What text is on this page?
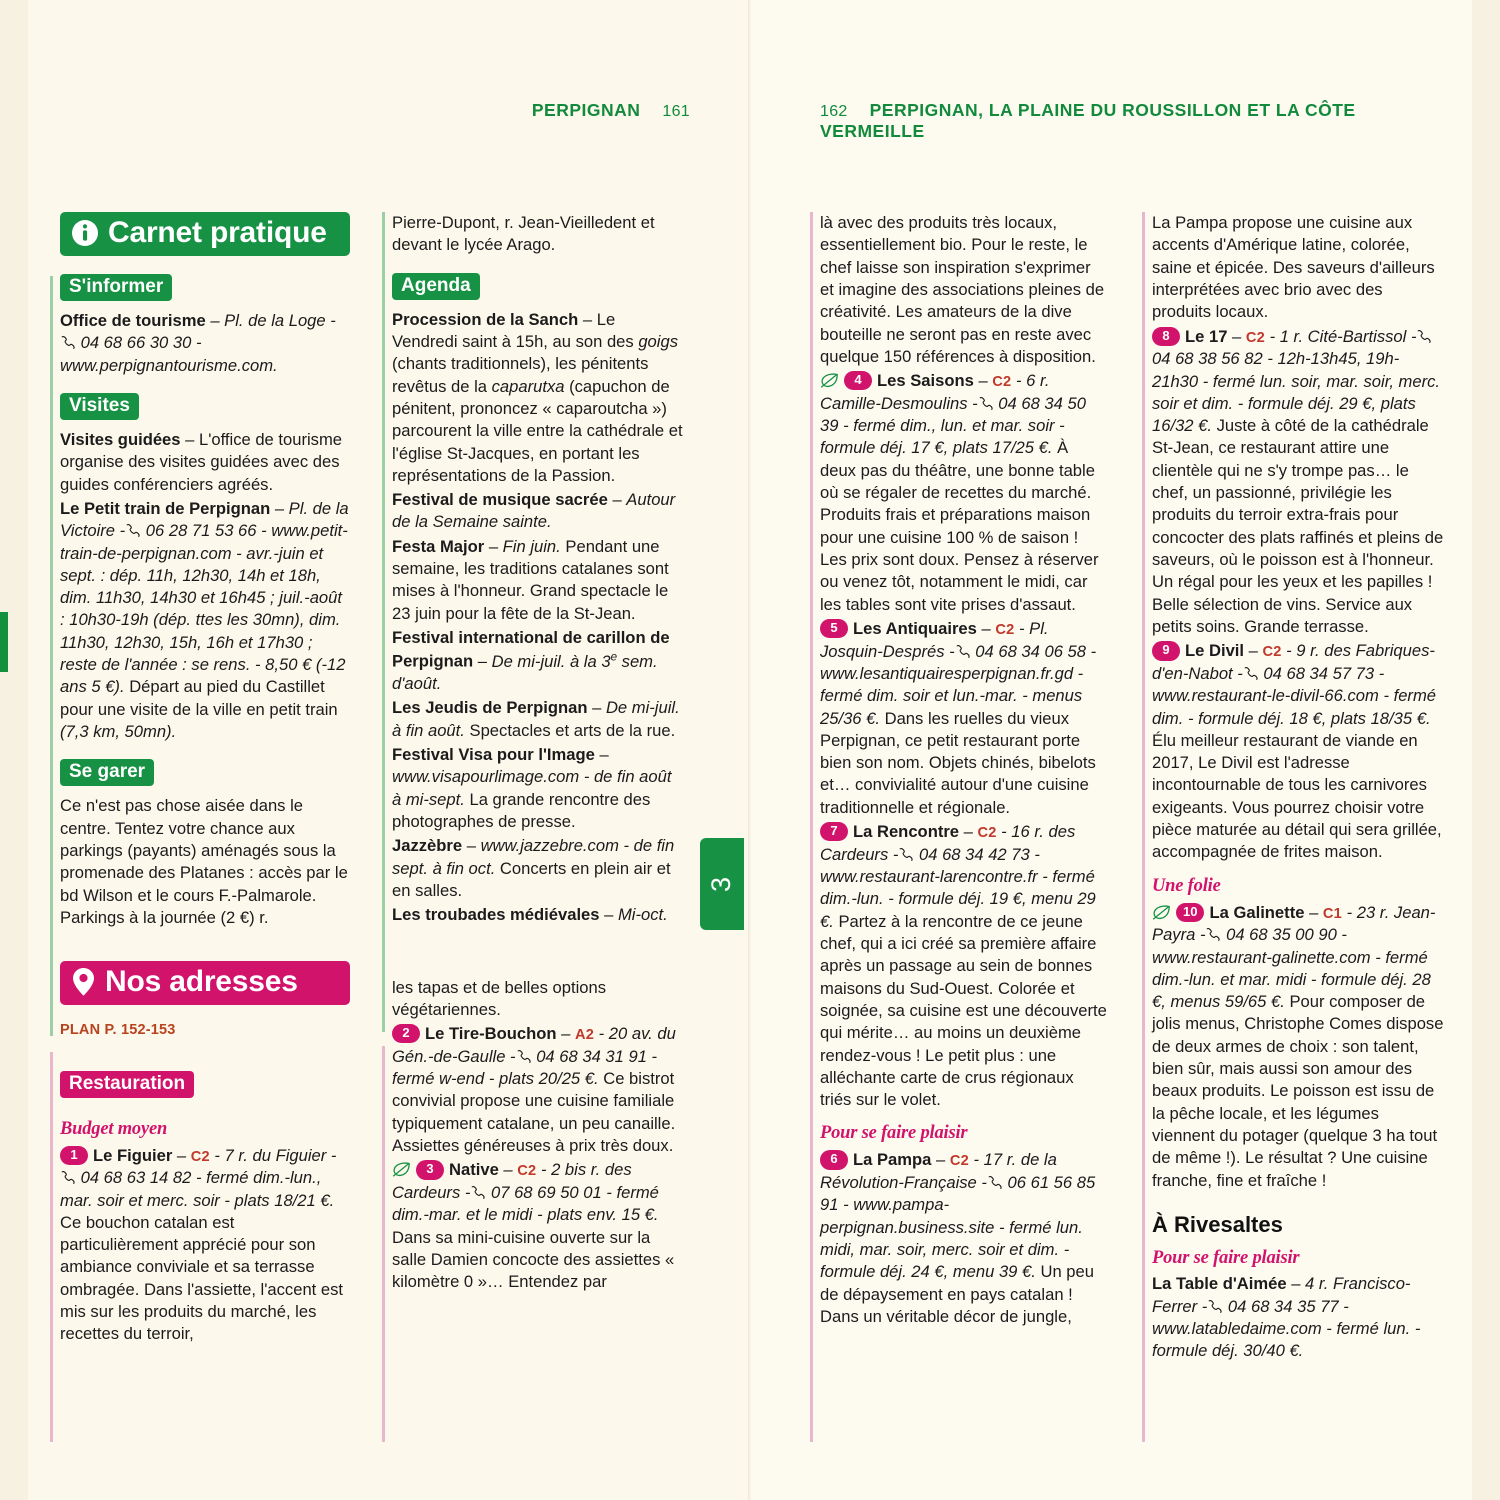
PERPIGNAN 161	162 PERPIGNAN, LA PLAINE DU ROUSSILLON ET LA CÔTE VERMEILLE
3
Carnet pratique
S'informer

Office de tourisme – Pl. de la Loge - 04 68 66 30 30 - www.perpignantourisme.com.

Visites

Visites guidées – L'office de tourisme organise des visites guidées avec des guides conférenciers agréés.

Le Petit train de Perpignan – Pl. de la Victoire - 06 28 71 53 66 - www.petit-train-de-perpignan.com - avr.-juin et sept. : dép. 11h, 12h30, 14h et 18h, dim. 11h30, 14h30 et 16h45 ; juil.-août : 10h30-19h (dép. ttes les 30mn), dim. 11h30, 12h30, 15h, 16h et 17h30 ; reste de l'année : se rens. - 8,50 € (-12 ans 5 €). Départ au pied du Castillet pour une visite de la ville en petit train (7,3 km, 50mn).

Se garer

Ce n'est pas chose aisée dans le centre. Tentez votre chance aux parkings (payants) aménagés sous la promenade des Platanes : accès par le bd Wilson et le cours F.-Palmarole. Parkings à la journée (2 €) r.

Nos adresses
PLAN P. 152-153
Restauration
Budget moyen

1 Le Figuier – C2 - 7 r. du Figuier - 04 68 63 14 82 - fermé dim.-lun., mar. soir et merc. soir - plats 18/21 €. Ce bouchon catalan est particulièrement apprécié pour son ambiance conviviale et sa terrasse ombragée. Dans l'assiette, l'accent est mis sur les produits du marché, les recettes du terroir,

Pierre-Dupont, r. Jean-Vieilledent et devant le lycée Arago.

Agenda

Procession de la Sanch – Le Vendredi saint à 15h, au son des goigs (chants traditionnels), les pénitents revêtus de la caparutxa (capuchon de pénitent, prononcez « caparoutcha ») parcourent la ville entre la cathédrale et l'église St-Jacques, en portant les représentations de la Passion.

Festival de musique sacrée – Autour de la Semaine sainte.

Festa Major – Fin juin. Pendant une semaine, les traditions catalanes sont mises à l'honneur. Grand spectacle le 23 juin pour la fête de la St-Jean.

Festival international de carillon de Perpignan – De mi-juil. à la 3e sem. d'août.

Les Jeudis de Perpignan – De mi-juil. à fin août. Spectacles et arts de la rue.

Festival Visa pour l'Image – www.visapourlimage.com - de fin août à mi-sept. La grande rencontre des photographes de presse.

Jazzèbre – www.jazzebre.com - de fin sept. à fin oct. Concerts en plein air et en salles.

Les troubades médiévales – Mi-oct.

les tapas et de belles options végétariennes.

2 Le Tire-Bouchon – A2 - 20 av. du Gén.-de-Gaulle - 04 68 34 31 91 - fermé w-end - plats 20/25 €. Ce bistrot convivial propose une cuisine familiale typiquement catalane, un peu canaille. Assiettes généreuses à prix très doux.

3 Native – C2 - 2 bis r. des Cardeurs - 07 68 69 50 01 - fermé dim.-mar. et le midi - plats env. 15 €. Dans sa mini-cuisine ouverte sur la salle Damien concocte des assiettes « kilomètre 0 »… Entendez par

là avec des produits très locaux, essentiellement bio. Pour le reste, le chef laisse son inspiration s'exprimer et imagine des associations pleines de créativité. Les amateurs de la dive bouteille ne seront pas en reste avec quelque 150 références à disposition.

4 Les Saisons – C2 - 6 r. Camille-Desmoulins - 04 68 34 50 39 - fermé dim., lun. et mar. soir - formule déj. 17 €, plats 17/25 €. À deux pas du théâtre, une bonne table où se régaler de recettes du marché. Produits frais et préparations maison pour une cuisine 100 % de saison ! Les prix sont doux. Pensez à réserver ou venez tôt, notamment le midi, car les tables sont vite prises d'assaut.

5 Les Antiquaires – C2 - Pl. Josquin-Després - 04 68 34 06 58 - www.lesantiquairesperpignan.fr.gd - fermé dim. soir et lun.-mar. - menus 25/36 €. Dans les ruelles du vieux Perpignan, ce petit restaurant porte bien son nom. Objets chinés, bibelots et… convivialité autour d'une cuisine traditionnelle et régionale.

7 La Rencontre – C2 - 16 r. des Cardeurs - 04 68 34 42 73 - www.restaurant-larencontre.fr - fermé dim.-lun. - formule déj. 19 €, menu 29 €. Partez à la rencontre de ce jeune chef, qui a ici créé sa première affaire après un passage au sein de bonnes maisons du Sud-Ouest. Colorée et soignée, sa cuisine est une découverte qui mérite… au moins un deuxième rendez-vous ! Le petit plus : une alléchante carte de crus régionaux triés sur le volet.

Pour se faire plaisir

6 La Pampa – C2 - 17 r. de la Révolution-Française - 06 61 56 85 91 - www.pampa-perpignan.business.site - fermé lun. midi, mar. soir, merc. soir et dim. - formule déj. 24 €, menu 39 €. Un peu de dépaysement en pays catalan ! Dans un véritable décor de jungle,

La Pampa propose une cuisine aux accents d'Amérique latine, colorée, saine et épicée. Des saveurs d'ailleurs interprétées avec brio avec des produits locaux.

8 Le 17 – C2 - 1 r. Cité-Bartissol - 04 68 38 56 82 - 12h-13h45, 19h-21h30 - fermé lun. soir, mar. soir, merc. soir et dim. - formule déj. 29 €, plats 16/32 €. Juste à côté de la cathédrale St-Jean, ce restaurant attire une clientèle qui ne s'y trompe pas… le chef, un passionné, privilégie les produits du terroir extra-frais pour concocter des plats raffinés et pleins de saveurs, où le poisson est à l'honneur. Un régal pour les yeux et les papilles ! Belle sélection de vins. Service aux petits soins. Grande terrasse.

9 Le Divil – C2 - 9 r. des Fabriques-d'en-Nabot - 04 68 34 57 73 - www.restaurant-le-divil-66.com - fermé dim. - formule déj. 18 €, plats 18/35 €. Élu meilleur restaurant de viande en 2017, Le Divil est l'adresse incontournable de tous les carnivores exigeants. Vous pourrez choisir votre pièce maturée au détail qui sera grillée, accompagnée de frites maison.

Une folie

10 La Galinette – C1 - 23 r. Jean-Payra - 04 68 35 00 90 - www.restaurant-galinette.com - fermé dim.-lun. et mar. midi - formule déj. 28 €, menus 59/65 €. Pour composer de jolis menus, Christophe Comes dispose de deux armes de choix : son talent, bien sûr, mais aussi son amour des beaux produits. Le poisson est issu de la pêche locale, et les légumes viennent du potager (quelque 3 ha tout de même !). Le résultat ? Une cuisine franche, fine et fraîche !

À Rivesaltes
Pour se faire plaisir

La Table d'Aimée – 4 r. Francisco-Ferrer - 04 68 34 35 77 - www.latabledaime.com - fermé lun. - formule déj. 30/40 €.
